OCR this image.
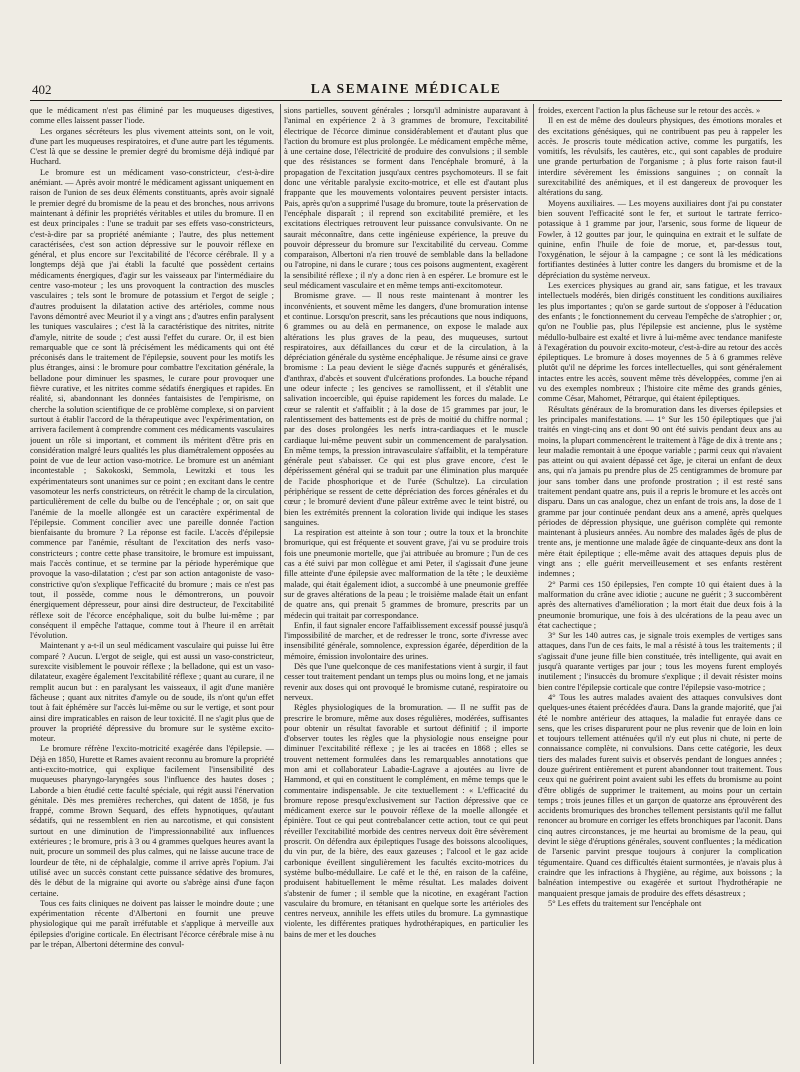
402	LA SEMAINE MÉDICALE

que le médicament n'est pas éliminé par les muqueuses digestives, comme elles laissent passer l'iode.

Les organes sécréteurs les plus vivement atteints sont, on le voit, d'une part les muqueuses respiratoires, et d'une autre part les téguments. C'est là que se dessine le premier degré du bromisme déjà indiqué par Huchard.

Le bromure est un médicament vaso-constricteur, c'est-à-dire anémiant. — Après avoir montré le médicament agissant uniquement en raison de l'union de ses deux éléments constituants, après avoir signalé le premier degré du bromisme de la peau et des bronches, nous arrivons maintenant à définir les propriétés véritables et utiles du bromure. Il en est deux principales : l'une se traduit par ses effets vaso-constricteurs, c'est-à-dire par sa propriété anémiante ; l'autre, des plus nettement caractérisées, c'est son action dépressive sur le pouvoir réflexe en général, et plus encore sur l'excitabilité de l'écorce cérébrale. Il y a longtemps déjà que j'ai établi la faculté que possèdent certains médicaments énergiques, d'agir sur les vaisseaux par l'intermédiaire du centre vaso-moteur ; les uns provoquent la contraction des muscles vasculaires ; tels sont le bromure de potassium et l'ergot de seigle ; d'autres produisent la dilatation active des artérioles, comme nous l'avons démontré avec Meuriot il y a vingt ans ; d'autres enfin paralysent les tuniques vasculaires ; c'est là la caractéristique des nitrites, nitrite d'amyle, nitrite de soude ; c'est aussi l'effet du curare. Or, il est bien remarquable que ce sont là précisément les médicaments qui ont été préconisés dans le traitement de l'épilepsie, souvent pour les motifs les plus étranges, ainsi : le bromure pour combattre l'excitation générale, la belladone pour diminuer les spasmes, le curare pour provoquer une fièvre curative, et les nitrites comme sédatifs énergiques et rapides. En réalité, si, abandonnant les données fantaisistes de l'empirisme, on cherche la solution scientifique de ce problème complexe, si on parvient surtout à établir l'accord de la thérapeutique avec l'expérimentation, on arrivera facilement à comprendre comment ces médicaments vasculaires jouent un rôle si important, et comment ils méritent d'être pris en considération malgré leurs qualités les plus diamétralement opposées au point de vue de leur action vaso-motrice. Le bromure est un anémiant incontestable ; Sakokoski, Semmola, Lewitzki et tous les expérimentateurs sont unanimes sur ce point ; en excitant dans le centre vasomoteur les nerfs constricteurs, on rétrécit le champ de la circulation, particulièrement de celle du bulbe ou de l'encéphale ; or, on sait que l'anémie de la moelle allongée est un caractère expérimental de l'épilepsie. Comment concilier avec une pareille donnée l'action bienfaisante du bromure ? La réponse est facile. L'accès d'épilepsie commence par l'anémie, résultant de l'excitation des nerfs vaso-constricteurs ; contre cette phase transitoire, le bromure est impuissant, mais l'accès continue, et se termine par la période hyperémique que provoque la vaso-dilatation ; c'est par son action antagoniste de vaso-constrictive qu'on s'explique l'efficacité du bromure ; mais ce n'est pas tout, il possède, comme nous le démontrerons, un pouvoir énergiquement dépresseur, pour ainsi dire destructeur, de l'excitabilité réflexe soit de l'écorce encéphalique, soit du bulbe lui-même ; par conséquent il empêche l'attaque, comme tout à l'heure il en arrêtait l'évolution.

Maintenant y a-t-il un seul médicament vasculaire qui puisse lui être comparé ? Aucun. L'ergot de seigle, qui est aussi un vaso-constricteur, surexcite visiblement le pouvoir réflexe ; la belladone, qui est un vaso-dilatateur, exagère également l'excitabilité réflexe ; quant au curare, il ne remplit aucun but : en paralysant les vaisseaux, il agit d'une manière fâcheuse ; quant aux nitrites d'amyle ou de soude, ils n'ont qu'un effet tout à fait éphémère sur l'accès lui-même ou sur le vertige, et sont pour ainsi dire impraticables en raison de leur toxicité. Il ne s'agit plus que de prouver la propriété dépressive du bromure sur le système excito-moteur.

Le bromure réfrène l'excito-motricité exagérée dans l'épilepsie. — Déjà en 1850, Hurette et Rames avaient reconnu au bromure la propriété anti-excito-motrice, qui explique facilement l'insensibilité des muqueuses pharyngo-laryngées sous l'influence des hautes doses ; Laborde a bien étudié cette faculté spéciale, qui régit aussi l'énervation génitale. Dès mes premières recherches, qui datent de 1858, je fus frappé, comme Brown Sequard, des effets hypnotiques, qu'autant sédatifs, qui ne ressemblent en rien au narcotisme, et qui consistent surtout en une diminution de l'impressionnabilité aux influences extérieures ; le bromure, pris à 3 ou 4 grammes quelques heures avant la nuit, procure un sommeil des plus calmes, qui ne laisse aucune trace de lourdeur de tête, ni de céphalalgie, comme il arrive après l'opium. J'ai utilisé avec un succès constant cette puissance sédative des bromures, dès le début de la migraine qui avorte ou s'abrège ainsi d'une façon certaine.

Tous ces faits cliniques ne doivent pas laisser le moindre doute ; une expérimentation récente d'Albertoni en fournit une preuve physiologique qui me paraît irréfutable et s'applique à merveille aux épilepsies d'origine corticale. En électrisant l'écorce cérébrale mise à nu par le trépan, Albertoni détermine des convul-

sions partielles, souvent générales ; lorsqu'il administre auparavant à l'animal en expérience 2 à 3 grammes de bromure, l'excitabilité électrique de l'écorce diminue considérablement et d'autant plus que l'action du bromure est plus prolongée. Le médicament empêche même, à une certaine dose, l'électricité de produire des convulsions ; il semble que des résistances se forment dans l'encéphale bromuré, à la propagation de l'excitation jusqu'aux centres psychomoteurs. Il se fait donc une véritable paralysie excito-motrice, et elle est d'autant plus frappante que les mouvements volontaires peuvent persister intacts. Pais, après qu'on a supprimé l'usage du bromure, toute la préservation de l'encéphale disparaît ; il reprend son excitabilité première, et les excitations électriques retrouvent leur puissance convulsivante. On ne saurait méconnaître, dans cette ingénieuse expérience, la preuve du pouvoir dépresseur du bromure sur l'excitabilité du cerveau. Comme comparaison, Albertoni n'a rien trouvé de semblable dans la belladone ou l'atropine, ni dans le curare ; tous ces poisons augmentent, exagèrent la sensibilité réflexe ; il n'y a donc rien à en espérer. Le bromure est le seul médicament vasculaire et en même temps anti-excitomoteur.

Bromisme grave. — Il nous reste maintenant à montrer les inconvénients, et souvent même les dangers, d'une bromuration intense et continue. Lorsqu'on prescrit, sans les précautions que nous indiquons, 6 grammes ou au delà en permanence, on expose le malade aux altérations les plus graves de la peau, des muqueuses, surtout respiratoires, aux défaillances du cœur et de la circulation, à la dépréciation générale du système encéphalique. Je résume ainsi ce grave bromisme : La peau devient le siège d'acnés suppurés et généralisés, d'anthrax, d'abcès et souvent d'ulcérations profondes. La bouche répand une odeur infecte ; les gencives se ramollissent, et il s'établit une salivation incoercible, qui épuise rapidement les forces du malade. Le cœur se ralentit et s'affaiblit ; à la dose de 15 grammes par jour, le ralentissement des battements est de près de moitié du chiffre normal ; par des doses prolongées les nerfs intra-cardiaques et le muscle cardiaque lui-même peuvent subir un commencement de paralysation. En même temps, la pression intravasculaire s'affaiblit, et la température générale peut s'abaisser. Ce qui est plus grave encore, c'est le dépérissement général qui se traduit par une élimination plus marquée de l'acide phosphorique et de l'urée (Schultze). La circulation périphérique se ressent de cette dépréciation des forces générales et du cœur ; le bromuré devient d'une pâleur extrême avec le teint bistré, ou bien les extrémités prennent la coloration livide qui indique les stases sanguines.

La respiration est atteinte à son tour ; outre la toux et la bronchite bromurique, qui est fréquente et souvent grave, j'ai vu se produire trois fois une pneumonie mortelle, que j'ai attribuée au bromure ; l'un de ces cas a été suivi par mon collègue et ami Peter, il s'agissait d'une jeune fille atteinte d'une épilepsie avec malformation de la tête ; le deuxième malade, qui était également idiot, a succombé à une pneumonie greffée sur de graves altérations de la peau ; le troisième malade était un enfant de quatre ans, qui prenait 5 grammes de bromure, prescrits par un médecin qui traitait par correspondance.

Enfin, il faut signaler encore l'affaiblissement excessif poussé jusqu'à l'impossibilité de marcher, et de redresser le tronc, sorte d'ivresse avec insensibilité générale, somnolence, expression égarée, déperdition de la mémoire, émission involontaire des urines.

Dès que l'une quelconque de ces manifestations vient à surgir, il faut cesser tout traitement pendant un temps plus ou moins long, et ne jamais revenir aux doses qui ont provoqué le bromisme cutané, respiratoire ou nerveux.

Règles physiologiques de la bromuration. — Il ne suffit pas de prescrire le bromure, même aux doses régulières, modérées, suffisantes pour obtenir un résultat favorable et surtout définitif ; il importe d'observer toutes les règles que la physiologie nous enseigne pour diminuer l'excitabilité réflexe ; je les ai tracées en 1868 ; elles se trouvent nettement formulées dans les remarquables annotations que mon ami et collaborateur Labadie-Lagrave a ajoutées au livre de Hammond, et qui en constituent le complément, en même temps que le commentaire indispensable. Je cite textuellement : « L'efficacité du bromure repose presqu'exclusivement sur l'action dépressive que ce médicament exerce sur le pouvoir réflexe de la moelle allongée et épinière. Tout ce qui peut contrebalancer cette action, tout ce qui peut réveiller l'excitabilité morbide des centres nerveux doit être sévèrement proscrit. On défendra aux épileptiques l'usage des boissons alcooliques, du vin pur, de la bière, des eaux gazeuses ; l'alcool et le gaz acide carbonique éveillent singulièrement les facultés excito-motrices du système bulbo-médullaire. Le café et le thé, en raison de la caféine, produisent habituellement le même résultat. Les malades doivent s'abstenir de fumer ; il semble que la nicotine, en exagérant l'action vasculaire du bromure, en tétanisant en quelque sorte les artérioles des centres nerveux, annihile les effets utiles du bromure. La gymnastique violente, les différentes pratiques hydrothérapiques, en particulier les bains de mer et les douches

froides, exercent l'action la plus fâcheuse sur le retour des accès. »

Il en est de même des douleurs physiques, des émotions morales et des excitations génésiques, qui ne contribuent pas peu à rappeler les accès. Je proscris toute médication active, comme les purgatifs, les vomitifs, les révulsifs, les cautères, etc., qui sont capables de produire une grande perturbation de l'organisme ; à plus forte raison faut-il interdire sévèrement les émissions sanguines ; on connaît la surexcitabilité des anémiques, et il est dangereux de provoquer les altérations du sang.

Moyens auxiliaires. — Les moyens auxiliaires dont j'ai pu constater bien souvent l'efficacité sont le fer, et surtout le tartrate ferrico-potassique à 1 gramme par jour, l'arsenic, sous forme de liqueur de Fowler, à 12 gouttes par jour, le quinquina en extrait et le sulfate de quinine, enfin l'huile de foie de morue, et, par-dessus tout, l'oxygénation, le séjour à la campagne ; ce sont là les médications fortifiantes destinées à lutter contre les dangers du bromisme et de la dépréciation du système nerveux.

Les exercices physiques au grand air, sans fatigue, et les travaux intellectuels modérés, bien dirigés constituent les conditions auxiliaires les plus importantes ; qu'on se garde surtout de s'opposer à l'éducation des enfants ; le fonctionnement du cerveau l'empêche de s'atrophier ; or, qu'on ne l'oublie pas, plus l'épilepsie est ancienne, plus le système médullo-bulbaire est exalté et livre à lui-même avec tendance manifeste à l'exagération du pouvoir excito-moteur, c'est-à-dire au retour des accès épileptiques. Le bromure à doses moyennes de 5 à 6 grammes relève plutôt qu'il ne déprime les forces intellectuelles, qui sont généralement intactes entre les accès, souvent même très développées, comme j'en ai vu des exemples nombreux ; l'histoire cite même des grands génies, comme César, Mahomet, Pétrarque, qui étaient épileptiques.

Résultats généraux de la bromuration dans les diverses épilepsies et les principales manifestations. — 1° Sur les 150 épileptiques que j'ai traités en vingt-cinq ans et dont 90 ont été suivis pendant deux ans au moins, la plupart commencèrent le traitement à l'âge de dix à trente ans ; leur maladie remontait à une époque variable ; parmi ceux qui n'avaient pas atteint ou qui avaient dépassé cet âge, je citerai un enfant de deux ans, qui n'a jamais pu prendre plus de 25 centigrammes de bromure par jour sans tomber dans une profonde prostration ; il est resté sans traitement pendant quatre ans, puis il a repris le bromure et les accès ont disparu. Dans un cas analogue, chez un enfant de trois ans, la dose de 1 gramme par jour continuée pendant deux ans a amené, après quelques périodes de dépression physique, une guérison complète qui remonte maintenant à plusieurs années. Au nombre des malades âgés de plus de trente ans, je mentionne une malade âgée de cinquante-deux ans dont la mère était épileptique ; elle-même avait des attaques depuis plus de vingt ans ; elle guérit merveilleusement et ses enfants restèrent indemnes ;

2° Parmi ces 150 épilepsies, l'en compte 10 qui étaient dues à la malformation du crâne avec idiotie ; aucune ne guérit ; 3 succombèrent après des alternatives d'amélioration ; la mort était due deux fois à la pneumonie bromurique, une fois à des ulcérations de la peau avec un état cachectique ;

3° Sur les 140 autres cas, je signale trois exemples de vertiges sans attaques, dans l'un de ces faits, le mal a résisté à tous les traitements ; il s'agissait d'une jeune fille bien constituée, très intelligente, qui avait en jusqu'à quarante vertiges par jour ; tous les moyens furent employés inutilement ; l'insuccès du bromure s'explique ; il devait résister moins bien contre l'épilepsie corticale que contre l'épilepsie vaso-motrice ;

4° Tous les autres malades avaient des attaques convulsives dont quelques-unes étaient précédées d'aura. Dans la grande majorité, que j'ai été le nombre antérieur des attaques, la maladie fut enrayée dans ce sens, que les crises disparurent pour ne plus revenir que de loin en loin et toujours tellement atténuées qu'il n'y eut plus ni chute, ni perte de connaissance complète, ni convulsions. Dans cette catégorie, les deux tiers des malades furent suivis et observés pendant de longues années ; douze guérirent entièrement et purent abandonner tout traitement. Tous ceux qui ne guérirent point avaient subi les effets du bromisme au point d'être obligés de supprimer le traitement, au moins pour un certain temps ; trois jeunes filles et un garçon de quatorze ans éprouvèrent des accidents bromuriques des bronches tellement persistants qu'il me fallut renoncer au bromure en corriger les effets bronchiques par l'aconit. Dans cinq autres circonstances, je me heurtai au bromisme de la peau, qui devint le siège d'éruptions générales, souvent confluentes ; la médication de l'arsenic parvint presque toujours à conjurer la complication tégumentaire. Quand ces difficultés étaient surmontées, je n'avais plus à craindre que les infractions à l'hygiène, au régime, aux boissons ; la balnéation intempestive ou exagérée et surtout l'hydrothérapie ne manquaient presque jamais de produire des effets désastreux ;

5° Les effets du traitement sur l'encéphale ont
